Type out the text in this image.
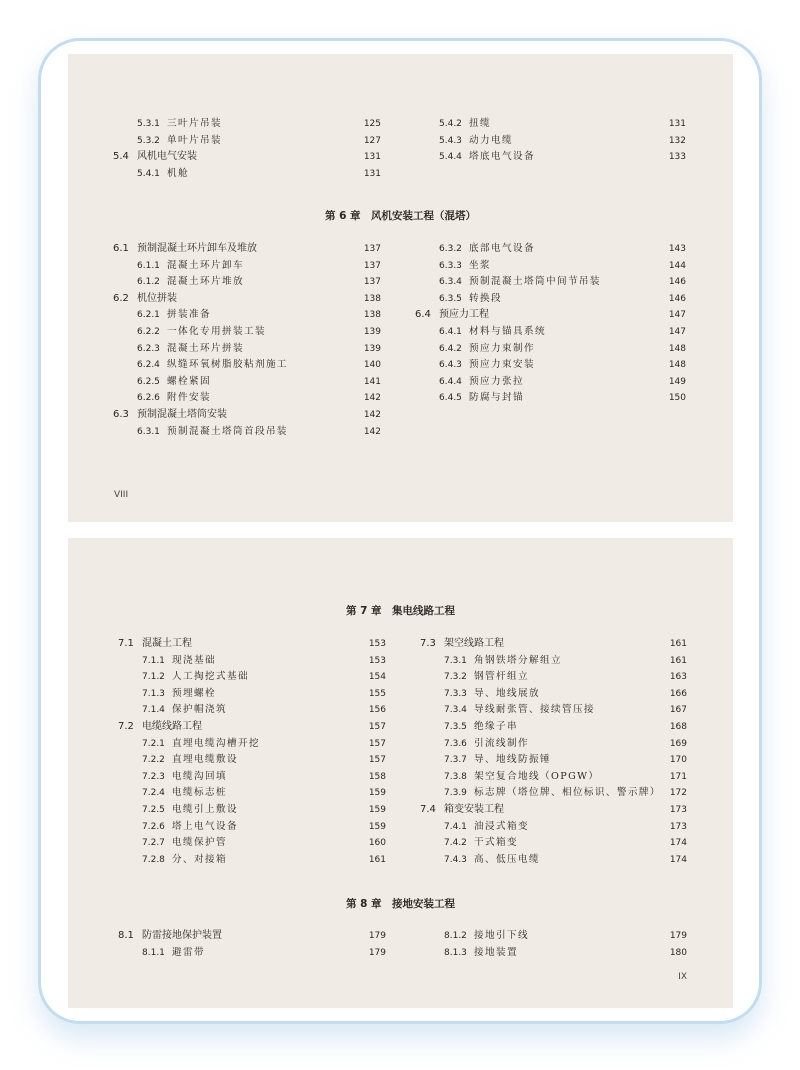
5.3.1 三叶片吊装	125
5.3.2 单叶片吊装	127
5.4 风机电气安装	131
5.4.1 机舱	131
5.4.2 扭缆	131
5.4.3 动力电缆	132
5.4.4 塔底电气设备	133
第 6 章　风机安装工程（混塔）
6.1 预制混凝土环片卸车及堆放	137
6.1.1 混凝土环片卸车	137
6.1.2 混凝土环片堆放	137
6.2 机位拼装	138
6.2.1 拼装准备	138
6.2.2 一体化专用拼装工装	139
6.2.3 混凝土环片拼装	139
6.2.4 纵缝环氧树脂胶粘剂施工	140
6.2.5 螺栓紧固	141
6.2.6 附件安装	142
6.3 预制混凝土塔筒安装	142
6.3.1 预制混凝土塔筒首段吊装	142
6.3.2 底部电气设备	143
6.3.3 坐浆	144
6.3.4 预制混凝土塔筒中间节吊装	146
6.3.5 转换段	146
6.4 预应力工程	147
6.4.1 材料与锚具系统	147
6.4.2 预应力束制作	148
6.4.3 预应力束安装	148
6.4.4 预应力张拉	149
6.4.5 防腐与封锚	150
VIII
第 7 章　集电线路工程
7.1 混凝土工程	153
7.1.1 现浇基础	153
7.1.2 人工掏挖式基础	154
7.1.3 预埋螺栓	155
7.1.4 保护帽浇筑	156
7.2 电缆线路工程	157
7.2.1 直埋电缆沟槽开挖	157
7.2.2 直埋电缆敷设	157
7.2.3 电缆沟回填	158
7.2.4 电缆标志桩	159
7.2.5 电缆引上敷设	159
7.2.6 塔上电气设备	159
7.2.7 电缆保护管	160
7.2.8 分、对接箱	161
7.3 架空线路工程	161
7.3.1 角钢铁塔分解组立	161
7.3.2 钢管杆组立	163
7.3.3 导、地线展放	166
7.3.4 导线耐张管、接续管压接	167
7.3.5 绝缘子串	168
7.3.6 引流线制作	169
7.3.7 导、地线防振锤	170
7.3.8 架空复合地线（OPGW）	171
7.3.9 标志牌（塔位牌、相位标识、警示牌） 172
7.4 箱变安装工程	173
7.4.1 油浸式箱变	173
7.4.2 干式箱变	174
7.4.3 高、低压电缆	174
第 8 章　接地安装工程
8.1 防雷接地保护装置	179
8.1.1 避雷带	179
8.1.2 接地引下线	179
8.1.3 接地装置	180
IX
